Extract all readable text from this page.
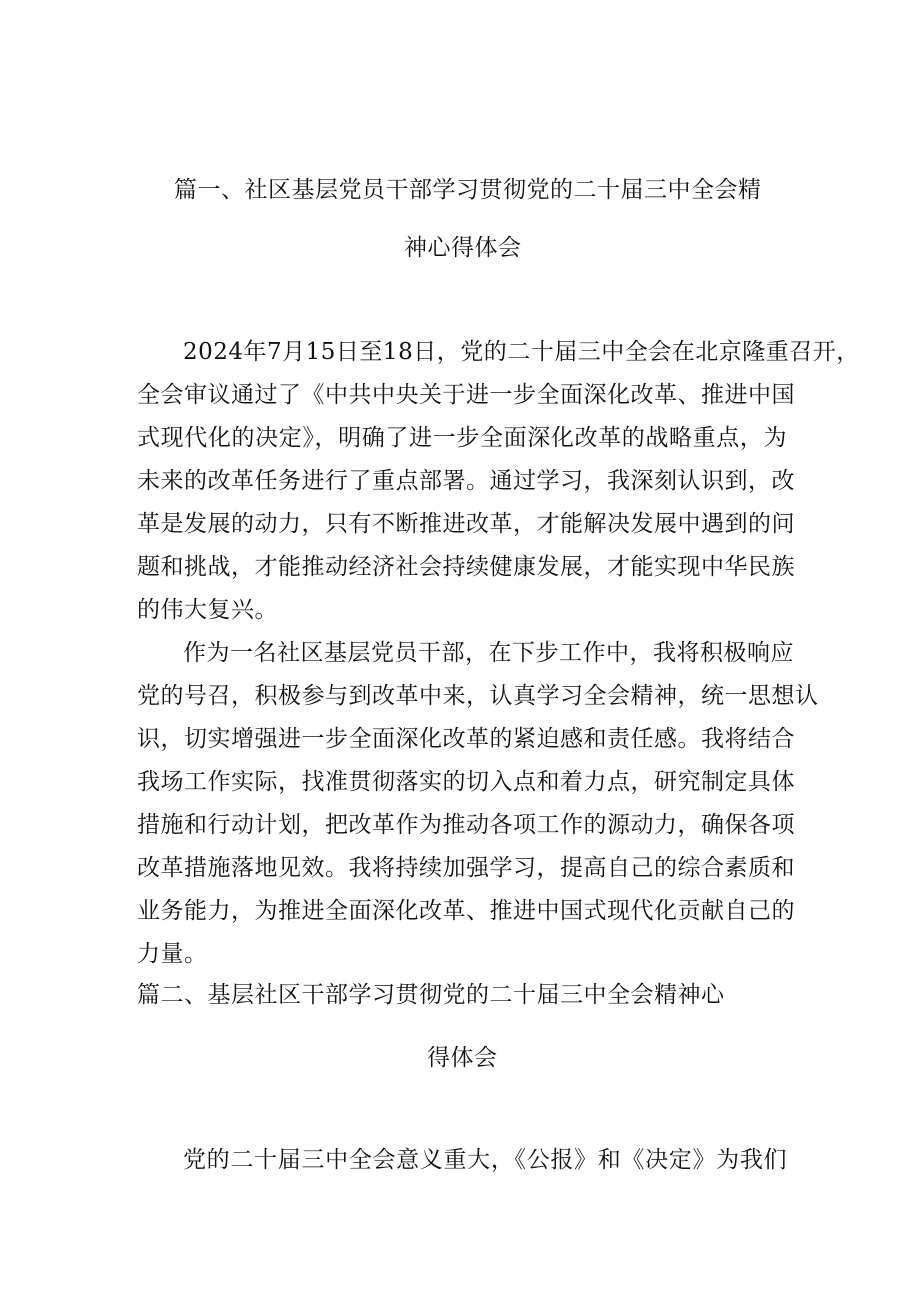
篇一、社区基层党员干部学习贯彻党的二十届三中全会精
神心得体会
2024年7月15日至18日，党的二十届三中全会在北京隆重召开，
全会审议通过了《中共中央关于进一步全面深化改革、推进中国
式现代化的决定》，明确了进一步全面深化改革的战略重点，为
未来的改革任务进行了重点部署。通过学习，我深刻认识到，改
革是发展的动力，只有不断推进改革，才能解决发展中遇到的问
题和挑战，才能推动经济社会持续健康发展，才能实现中华民族
的伟大复兴。
作为一名社区基层党员干部，在下步工作中，我将积极响应
党的号召，积极参与到改革中来，认真学习全会精神，统一思想认
识，切实增强进一步全面深化改革的紧迫感和责任感。我将结合
我场工作实际，找准贯彻落实的切入点和着力点，研究制定具体
措施和行动计划，把改革作为推动各项工作的源动力，确保各项
改革措施落地见效。我将持续加强学习，提高自己的综合素质和
业务能力，为推进全面深化改革、推进中国式现代化贡献自己的
力量。
篇二、基层社区干部学习贯彻党的二十届三中全会精神心
得体会
党的二十届三中全会意义重大，《公报》和《决定》为我们
